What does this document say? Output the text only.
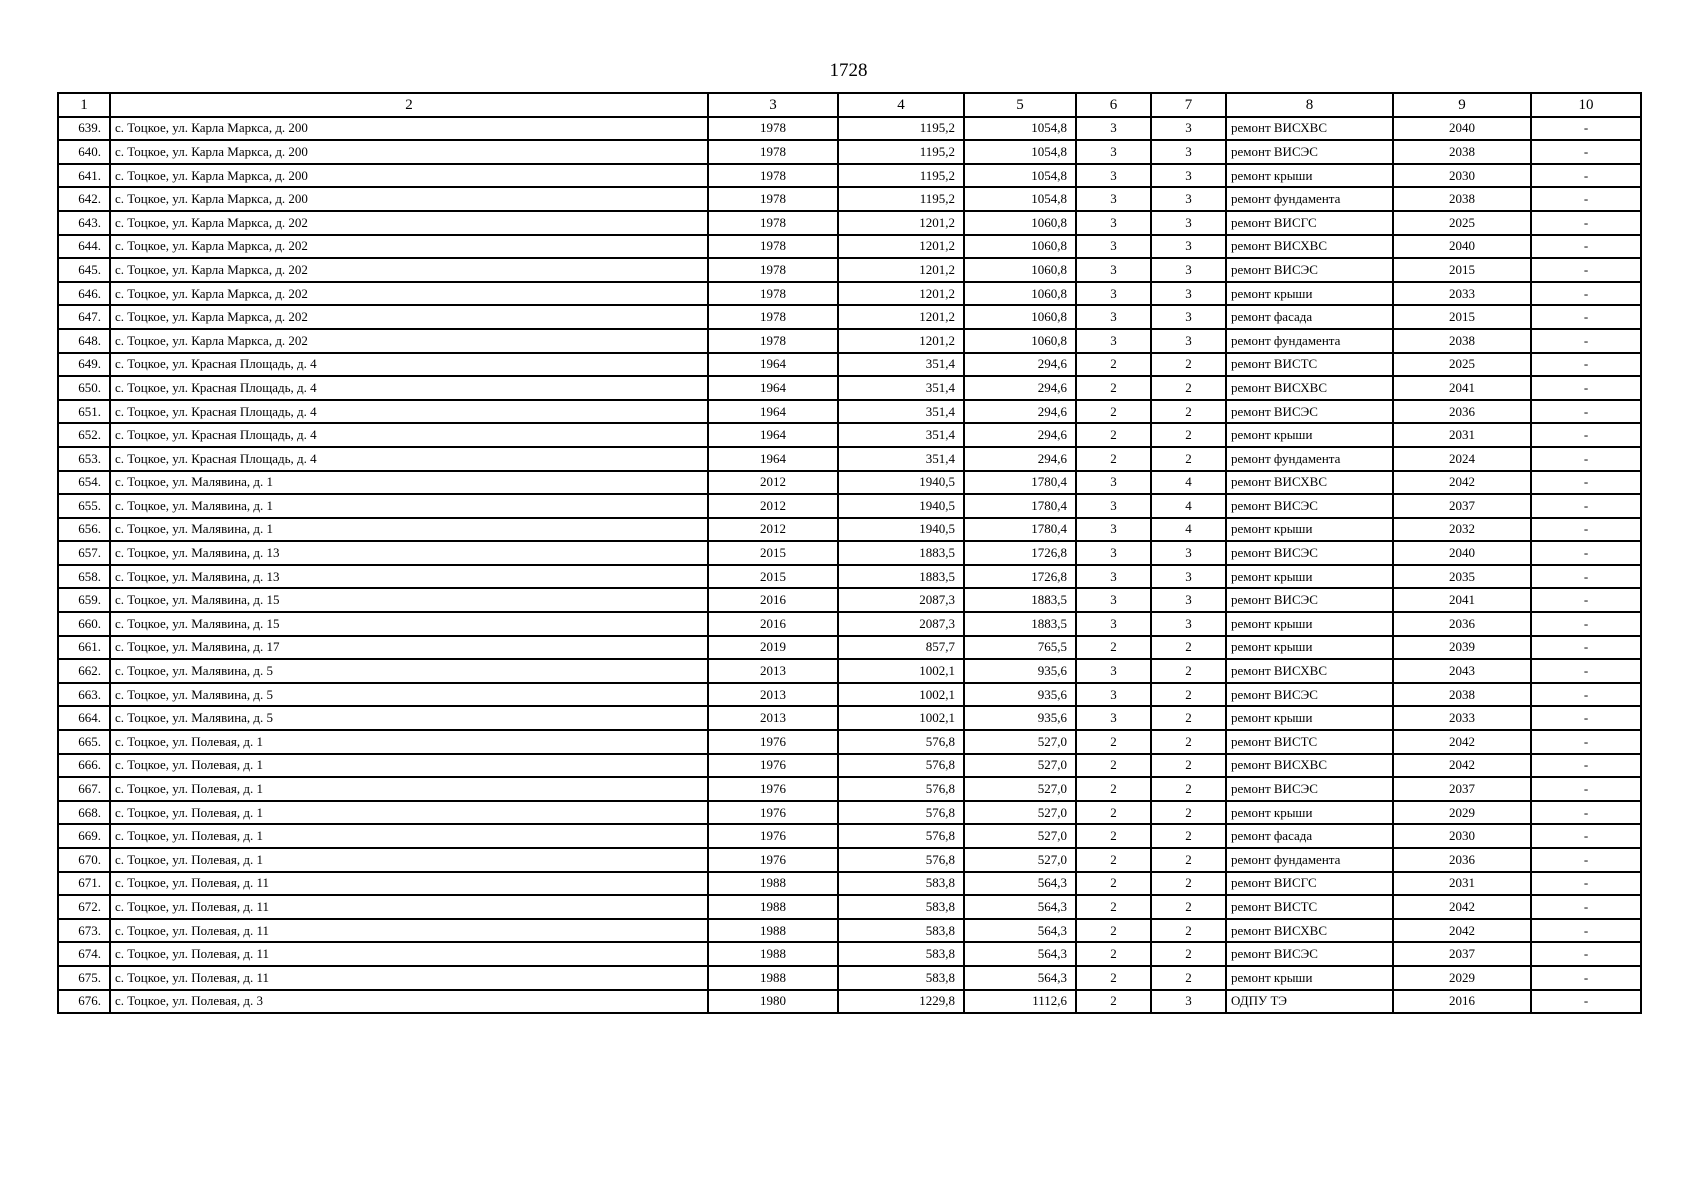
1728
1	2	3	4	5	6	7	8	9	10
639.	с. Тоцкое, ул. Карла Маркса, д. 200	1978	1195,2	1054,8	3	3	ремонт ВИСХВС	2040	-
640.	с. Тоцкое, ул. Карла Маркса, д. 200	1978	1195,2	1054,8	3	3	ремонт ВИСЭС	2038	-
641.	с. Тоцкое, ул. Карла Маркса, д. 200	1978	1195,2	1054,8	3	3	ремонт крыши	2030	-
642.	с. Тоцкое, ул. Карла Маркса, д. 200	1978	1195,2	1054,8	3	3	ремонт фундамента	2038	-
643.	с. Тоцкое, ул. Карла Маркса, д. 202	1978	1201,2	1060,8	3	3	ремонт ВИСГС	2025	-
644.	с. Тоцкое, ул. Карла Маркса, д. 202	1978	1201,2	1060,8	3	3	ремонт ВИСХВС	2040	-
645.	с. Тоцкое, ул. Карла Маркса, д. 202	1978	1201,2	1060,8	3	3	ремонт ВИСЭС	2015	-
646.	с. Тоцкое, ул. Карла Маркса, д. 202	1978	1201,2	1060,8	3	3	ремонт крыши	2033	-
647.	с. Тоцкое, ул. Карла Маркса, д. 202	1978	1201,2	1060,8	3	3	ремонт фасада	2015	-
648.	с. Тоцкое, ул. Карла Маркса, д. 202	1978	1201,2	1060,8	3	3	ремонт фундамента	2038	-
649.	с. Тоцкое, ул. Красная Площадь, д. 4	1964	351,4	294,6	2	2	ремонт ВИСТС	2025	-
650.	с. Тоцкое, ул. Красная Площадь, д. 4	1964	351,4	294,6	2	2	ремонт ВИСХВС	2041	-
651.	с. Тоцкое, ул. Красная Площадь, д. 4	1964	351,4	294,6	2	2	ремонт ВИСЭС	2036	-
652.	с. Тоцкое, ул. Красная Площадь, д. 4	1964	351,4	294,6	2	2	ремонт крыши	2031	-
653.	с. Тоцкое, ул. Красная Площадь, д. 4	1964	351,4	294,6	2	2	ремонт фундамента	2024	-
654.	с. Тоцкое, ул. Малявина, д. 1	2012	1940,5	1780,4	3	4	ремонт ВИСХВС	2042	-
655.	с. Тоцкое, ул. Малявина, д. 1	2012	1940,5	1780,4	3	4	ремонт ВИСЭС	2037	-
656.	с. Тоцкое, ул. Малявина, д. 1	2012	1940,5	1780,4	3	4	ремонт крыши	2032	-
657.	с. Тоцкое, ул. Малявина, д. 13	2015	1883,5	1726,8	3	3	ремонт ВИСЭС	2040	-
658.	с. Тоцкое, ул. Малявина, д. 13	2015	1883,5	1726,8	3	3	ремонт крыши	2035	-
659.	с. Тоцкое, ул. Малявина, д. 15	2016	2087,3	1883,5	3	3	ремонт ВИСЭС	2041	-
660.	с. Тоцкое, ул. Малявина, д. 15	2016	2087,3	1883,5	3	3	ремонт крыши	2036	-
661.	с. Тоцкое, ул. Малявина, д. 17	2019	857,7	765,5	2	2	ремонт крыши	2039	-
662.	с. Тоцкое, ул. Малявина, д. 5	2013	1002,1	935,6	3	2	ремонт ВИСХВС	2043	-
663.	с. Тоцкое, ул. Малявина, д. 5	2013	1002,1	935,6	3	2	ремонт ВИСЭС	2038	-
664.	с. Тоцкое, ул. Малявина, д. 5	2013	1002,1	935,6	3	2	ремонт крыши	2033	-
665.	с. Тоцкое, ул. Полевая, д. 1	1976	576,8	527,0	2	2	ремонт ВИСТС	2042	-
666.	с. Тоцкое, ул. Полевая, д. 1	1976	576,8	527,0	2	2	ремонт ВИСХВС	2042	-
667.	с. Тоцкое, ул. Полевая, д. 1	1976	576,8	527,0	2	2	ремонт ВИСЭС	2037	-
668.	с. Тоцкое, ул. Полевая, д. 1	1976	576,8	527,0	2	2	ремонт крыши	2029	-
669.	с. Тоцкое, ул. Полевая, д. 1	1976	576,8	527,0	2	2	ремонт фасада	2030	-
670.	с. Тоцкое, ул. Полевая, д. 1	1976	576,8	527,0	2	2	ремонт фундамента	2036	-
671.	с. Тоцкое, ул. Полевая, д. 11	1988	583,8	564,3	2	2	ремонт ВИСГС	2031	-
672.	с. Тоцкое, ул. Полевая, д. 11	1988	583,8	564,3	2	2	ремонт ВИСТС	2042	-
673.	с. Тоцкое, ул. Полевая, д. 11	1988	583,8	564,3	2	2	ремонт ВИСХВС	2042	-
674.	с. Тоцкое, ул. Полевая, д. 11	1988	583,8	564,3	2	2	ремонт ВИСЭС	2037	-
675.	с. Тоцкое, ул. Полевая, д. 11	1988	583,8	564,3	2	2	ремонт крыши	2029	-
676.	с. Тоцкое, ул. Полевая, д. 3	1980	1229,8	1112,6	2	3	ОДПУ ТЭ	2016	-
